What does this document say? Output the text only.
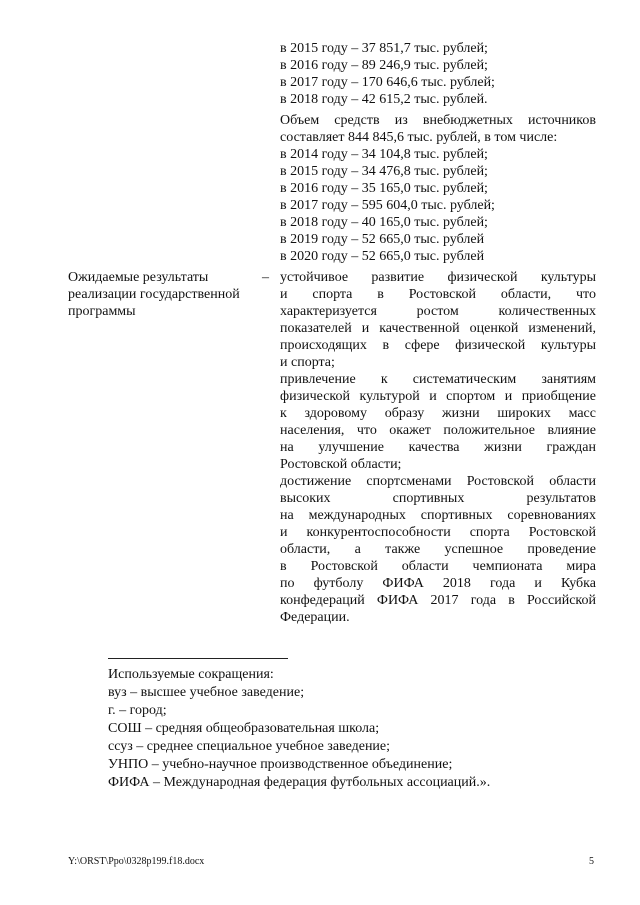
в 2015 году – 37 851,7 тыс. рублей;

в 2016 году – 89 246,9 тыс. рублей;

в 2017 году – 170 646,6 тыс. рублей;

в 2018 году – 42 615,2 тыс. рублей.

Объем средств из внебюджетных источников

составляет 844 845,6 тыс. рублей, в том числе:

в 2014 году – 34 104,8 тыс. рублей;

в 2015 году – 34 476,8 тыс. рублей;

в 2016 году – 35 165,0 тыс. рублей;

в 2017 году – 595 604,0 тыс. рублей;

в 2018 году – 40 165,0 тыс. рублей;

в 2019 году – 52 665,0 тыс. рублей

в 2020 году – 52 665,0 тыс. рублей

устойчивое развитие физической культуры

и спорта в Ростовской области, что

характеризуется ростом количественных

показателей и качественной оценкой изменений,

происходящих в сфере физической культуры

и спорта;

привлечение к систематическим занятиям

физической культурой и спортом и приобщение

к здоровому образу жизни широких масс

населения, что окажет положительное влияние

на улучшение качества жизни граждан

Ростовской области;

достижение спортсменами Ростовской области

высоких спортивных результатов

на международных спортивных соревнованиях

и конкурентоспособности спорта Ростовской

области, а также успешное проведение

в Ростовской области чемпионата мира

по футболу ФИФА 2018 года и Кубка

конфедераций ФИФА 2017 года в Российской

Федерации.

Ожидаемые результаты

реализации государственной

программы

–

Используемые сокращения:
вуз – высшее учебное заведение;
г. – город;
СОШ – средняя общеобразовательная школа;
ссуз – среднее специальное учебное заведение;
УНПО – учебно-научное производственное объединение;
ФИФА – Международная федерация футбольных ассоциаций.».
Y:\ORST\Ppo\0328p199.f18.docx	5
